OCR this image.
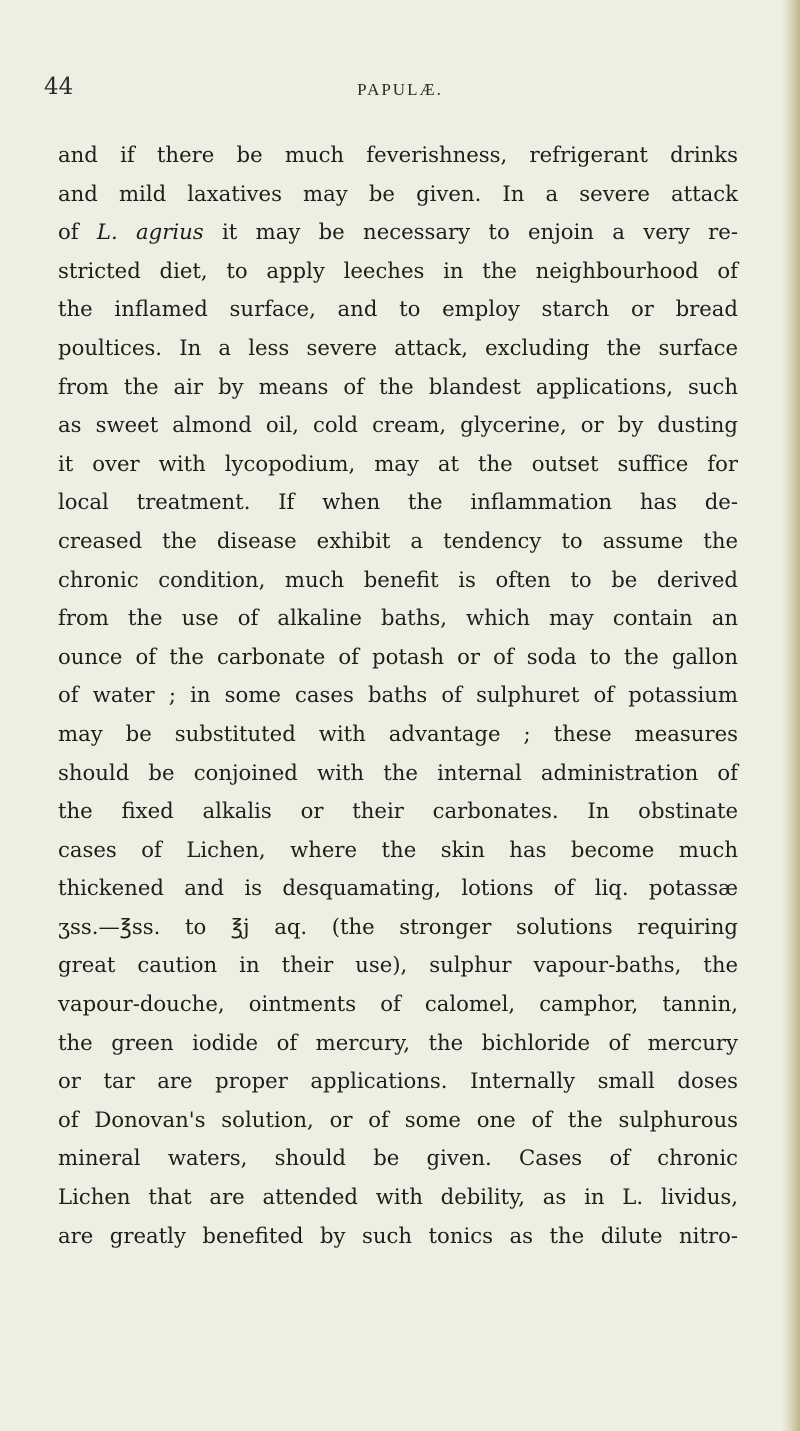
44	PAPULÆ.
and if there be much feverishness, refrigerant drinks
and mild laxatives may be given. In a severe attack
of L. agrius it may be necessary to enjoin a very re-
stricted diet, to apply leeches in the neighbourhood of
the inflamed surface, and to employ starch or bread
poultices. In a less severe attack, excluding the surface
from the air by means of the blandest applications, such
as sweet almond oil, cold cream, glycerine, or by dusting
it over with lycopodium, may at the outset suffice for
local treatment. If when the inflammation has de-
creased the disease exhibit a tendency to assume the
chronic condition, much benefit is often to be derived
from the use of alkaline baths, which may contain an
ounce of the carbonate of potash or of soda to the gallon
of water ; in some cases baths of sulphuret of potassium
may be substituted with advantage ; these measures
should be conjoined with the internal administration of
the fixed alkalis or their carbonates. In obstinate
cases of Lichen, where the skin has become much
thickened and is desquamating, lotions of liq. potassæ
ʒss.—℥ss. to ℥j aq. (the stronger solutions requiring
great caution in their use), sulphur vapour-baths, the
vapour-douche, ointments of calomel, camphor, tannin,
the green iodide of mercury, the bichloride of mercury
or tar are proper applications. Internally small doses
of Donovan's solution, or of some one of the sulphurous
mineral waters, should be given. Cases of chronic
Lichen that are attended with debility, as in L. lividus,
are greatly benefited by such tonics as the dilute nitro-
